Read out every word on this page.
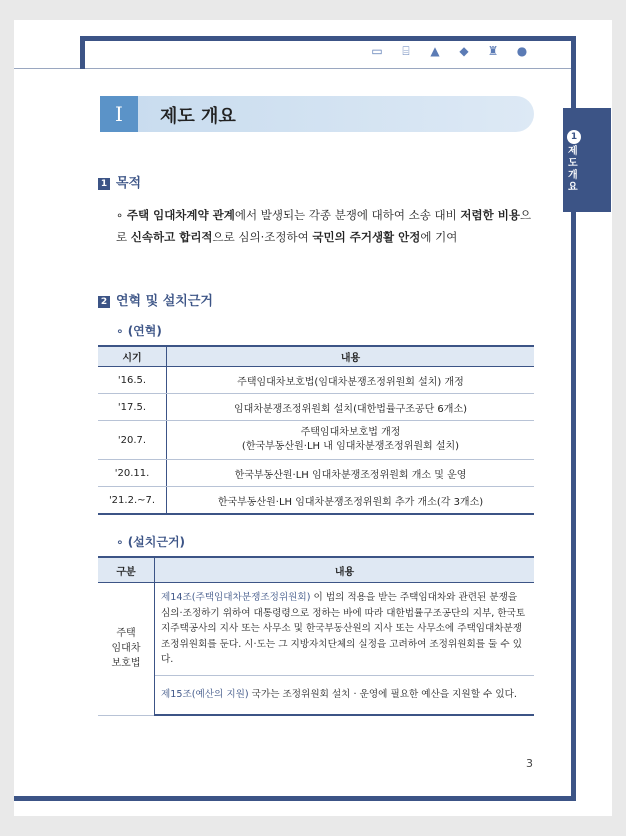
▭ ⌸ ▲ ◆ ♜ ●
1
제도개요
Ⅰ	제도 개요
1 목적
∘ 주택 임대차계약 관계에서 발생되는 각종 분쟁에 대하여 소송 대비 저렴한 비용으로 신속하고 합리적으로 심의·조정하여 국민의 주거생활 안정에 기여
2 연혁 및 설치근거
∘ (연혁)
시기	내용
'16.5.	주택임대차보호법(임대차분쟁조정위원회 설치) 개정
'17.5.	임대차분쟁조정위원회 설치(대한법률구조공단 6개소)
'20.7.	주택임대차보호법 개정
(한국부동산원·LH 내 임대차분쟁조정위원회 설치)
'20.11.	한국부동산원·LH 임대차분쟁조정위원회 개소 및 운영
'21.2.~7.	한국부동산원·LH 임대차분쟁조정위원회 추가 개소(각 3개소)
∘ (설치근거)
구분	내용
주택
임대차
보호법	제14조(주택임대차분쟁조정위원회) 이 법의 적용을 받는 주택임대차와 관련된 분쟁을 심의·조정하기 위하여 대통령령으로 정하는 바에 따라 대한법률구조공단의 지부, 한국토지주택공사의 지사 또는 사무소 및 한국부동산원의 지사 또는 사무소에 주택임대차분쟁조정위원회를 둔다. 시·도는 그 지방자치단체의 실정을 고려하여 조정위원회를 둘 수 있다.
	제15조(예산의 지원) 국가는 조정위원회 설치 · 운영에 필요한 예산을 지원할 수 있다.
3
